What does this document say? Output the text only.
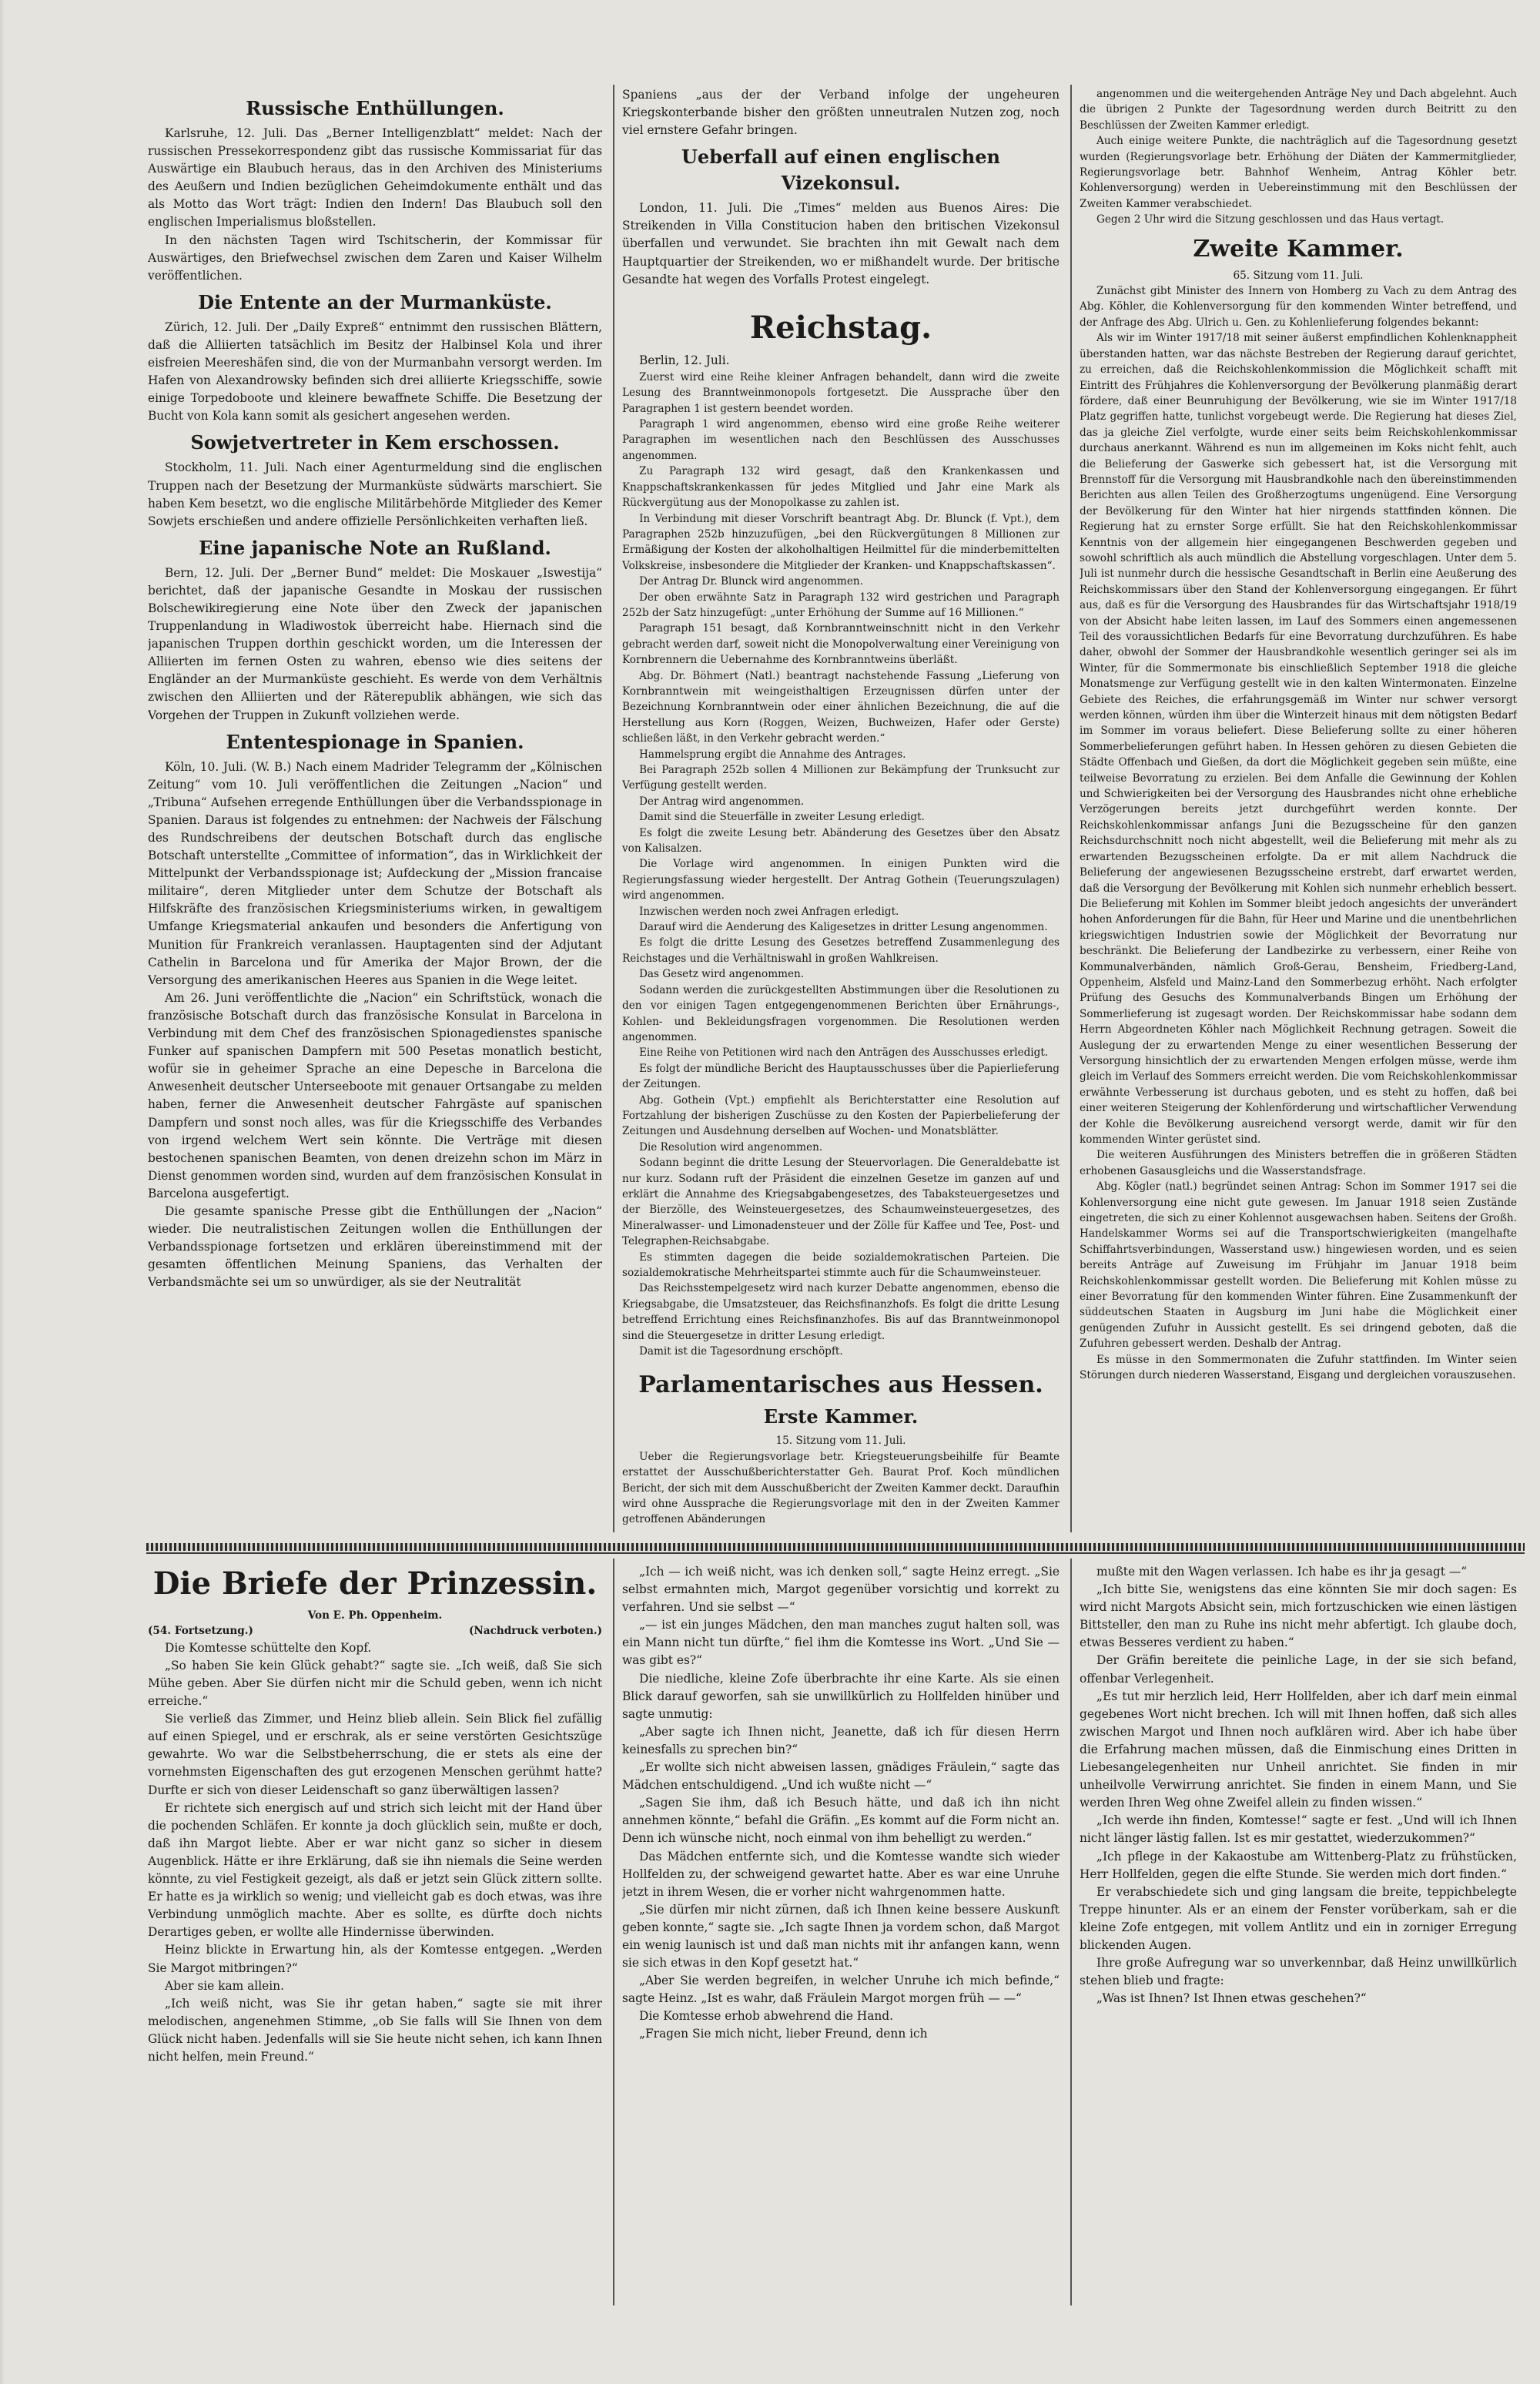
Russische Enthüllungen.

Karlsruhe, 12. Juli. Das „Berner Intelligenzblatt“ meldet: Nach der russischen Pressekorrespondenz gibt das russische Kommissariat für das Auswärtige ein Blaubuch heraus, das in den Archiven des Ministeriums des Aeußern und Indien bezüglichen Geheimdokumente enthält und das als Motto das Wort trägt: Indien den Indern! Das Blaubuch soll den englischen Imperialismus bloßstellen.

In den nächsten Tagen wird Tschitscherin, der Kommissar für Auswärtiges, den Briefwechsel zwischen dem Zaren und Kaiser Wilhelm veröffentlichen.

Die Entente an der Murmanküste.

Zürich, 12. Juli. Der „Daily Expreß“ entnimmt den russischen Blättern, daß die Alliierten tatsächlich im Besitz der Halbinsel Kola und ihrer eisfreien Meereshäfen sind, die von der Murmanbahn versorgt werden. Im Hafen von Alexandrowsky befinden sich drei alliierte Kriegsschiffe, sowie einige Torpedoboote und kleinere bewaffnete Schiffe. Die Besetzung der Bucht von Kola kann somit als gesichert angesehen werden.

Sowjetvertreter in Kem erschossen.

Stockholm, 11. Juli. Nach einer Agenturmeldung sind die englischen Truppen nach der Besetzung der Murmanküste südwärts marschiert. Sie haben Kem besetzt, wo die englische Militärbehörde Mitglieder des Kemer Sowjets erschießen und andere offizielle Persönlichkeiten verhaften ließ.

Eine japanische Note an Rußland.

Bern, 12. Juli. Der „Berner Bund“ meldet: Die Moskauer „Iswestija“ berichtet, daß der japanische Gesandte in Moskau der russischen Bolschewikiregierung eine Note über den Zweck der japanischen Truppenlandung in Wladiwostok überreicht habe. Hiernach sind die japanischen Truppen dorthin geschickt worden, um die Interessen der Alliierten im fernen Osten zu wahren, ebenso wie dies seitens der Engländer an der Murmanküste geschieht. Es werde von dem Verhältnis zwischen den Alliierten und der Räterepublik abhängen, wie sich das Vorgehen der Truppen in Zukunft vollziehen werde.

Ententespionage in Spanien.

Köln, 10. Juli. (W. B.) Nach einem Madrider Telegramm der „Kölnischen Zeitung“ vom 10. Juli veröffentlichen die Zeitungen „Nacion“ und „Tribuna“ Aufsehen erregende Enthüllungen über die Verbandsspionage in Spanien. Daraus ist folgendes zu entnehmen: der Nachweis der Fälschung des Rundschreibens der deutschen Botschaft durch das englische Botschaft unterstellte „Committee of information“, das in Wirklichkeit der Mittelpunkt der Verbandsspionage ist; Aufdeckung der „Mission francaise militaire“, deren Mitglieder unter dem Schutze der Botschaft als Hilfskräfte des französischen Kriegsministeriums wirken, in gewaltigem Umfange Kriegsmaterial ankaufen und besonders die Anfertigung von Munition für Frankreich veranlassen. Hauptagenten sind der Adjutant Cathelin in Barcelona und für Amerika der Major Brown, der die Versorgung des amerikanischen Heeres aus Spanien in die Wege leitet.

Am 26. Juni veröffentlichte die „Nacion“ ein Schriftstück, wonach die französische Botschaft durch das französische Konsulat in Barcelona in Verbindung mit dem Chef des französischen Spionagedienstes spanische Funker auf spanischen Dampfern mit 500 Pesetas monatlich besticht, wofür sie in geheimer Sprache an eine Depesche in Barcelona die Anwesenheit deutscher Unterseeboote mit genauer Ortsangabe zu melden haben, ferner die Anwesenheit deutscher Fahrgäste auf spanischen Dampfern und sonst noch alles, was für die Kriegsschiffe des Verbandes von irgend welchem Wert sein könnte. Die Verträge mit diesen bestochenen spanischen Beamten, von denen dreizehn schon im März in Dienst genommen worden sind, wurden auf dem französischen Konsulat in Barcelona ausgefertigt.

Die gesamte spanische Presse gibt die Enthüllungen der „Nacion“ wieder. Die neutralistischen Zeitungen wollen die Enthüllungen der Verbandsspionage fortsetzen und erklären übereinstimmend mit der gesamten öffentlichen Meinung Spaniens, das Verhalten der Verbandsmächte sei um so unwürdiger, als sie der Neutralität

Spaniens „aus der der Verband infolge der ungeheuren Kriegskonterbande bisher den größten unneutralen Nutzen zog, noch viel ernstere Gefahr bringen.

Ueberfall auf einen englischen Vizekonsul.

London, 11. Juli. Die „Times“ melden aus Buenos Aires: Die Streikenden in Villa Constitucion haben den britischen Vizekonsul überfallen und verwundet. Sie brachten ihn mit Gewalt nach dem Hauptquartier der Streikenden, wo er mißhandelt wurde. Der britische Gesandte hat wegen des Vorfalls Protest eingelegt.

Reichstag.

Berlin, 12. Juli.

Zuerst wird eine Reihe kleiner Anfragen behandelt, dann wird die zweite Lesung des Branntweinmonopols fortgesetzt. Die Aussprache über den Paragraphen 1 ist gestern beendet worden.

Paragraph 1 wird angenommen, ebenso wird eine große Reihe weiterer Paragraphen im wesentlichen nach den Beschlüssen des Ausschusses angenommen.

Zu Paragraph 132 wird gesagt, daß den Krankenkassen und Knappschaftskrankenkassen für jedes Mitglied und Jahr eine Mark als Rückvergütung aus der Monopolkasse zu zahlen ist.

In Verbindung mit dieser Vorschrift beantragt Abg. Dr. Blunck (f. Vpt.), dem Paragraphen 252b hinzuzufügen, „bei den Rückvergütungen 8 Millionen zur Ermäßigung der Kosten der alkoholhaltigen Heilmittel für die minderbemittelten Volkskreise, insbesondere die Mitglieder der Kranken- und Knappschaftskassen“.

Der Antrag Dr. Blunck wird angenommen.

Der oben erwähnte Satz in Paragraph 132 wird gestrichen und Paragraph 252b der Satz hinzugefügt: „unter Erhöhung der Summe auf 16 Millionen.“

Paragraph 151 besagt, daß Kornbranntweinschnitt nicht in den Verkehr gebracht werden darf, soweit nicht die Monopolverwaltung einer Vereinigung von Kornbrennern die Uebernahme des Kornbranntweins überläßt.

Abg. Dr. Böhmert (Natl.) beantragt nachstehende Fassung „Lieferung von Kornbranntwein mit weingeisthaltigen Erzeugnissen dürfen unter der Bezeichnung Kornbranntwein oder einer ähnlichen Bezeichnung, die auf die Herstellung aus Korn (Roggen, Weizen, Buchweizen, Hafer oder Gerste) schließen läßt, in den Verkehr gebracht werden.“

Hammelsprung ergibt die Annahme des Antrages.

Bei Paragraph 252b sollen 4 Millionen zur Bekämpfung der Trunksucht zur Verfügung gestellt werden.

Der Antrag wird angenommen.

Damit sind die Steuerfälle in zweiter Lesung erledigt.

Es folgt die zweite Lesung betr. Abänderung des Gesetzes über den Absatz von Kalisalzen.

Die Vorlage wird angenommen. In einigen Punkten wird die Regierungsfassung wieder hergestellt. Der Antrag Gothein (Teuerungszulagen) wird angenommen.

Inzwischen werden noch zwei Anfragen erledigt.

Darauf wird die Aenderung des Kaligesetzes in dritter Lesung angenommen.

Es folgt die dritte Lesung des Gesetzes betreffend Zusammenlegung des Reichstages und die Verhältniswahl in großen Wahlkreisen.

Das Gesetz wird angenommen.

Sodann werden die zurückgestellten Abstimmungen über die Resolutionen zu den vor einigen Tagen entgegengenommenen Berichten über Ernährungs-, Kohlen- und Bekleidungsfragen vorgenommen. Die Resolutionen werden angenommen.

Eine Reihe von Petitionen wird nach den Anträgen des Ausschusses erledigt.

Es folgt der mündliche Bericht des Hauptausschusses über die Papierlieferung der Zeitungen.

Abg. Gothein (Vpt.) empfiehlt als Berichterstatter eine Resolution auf Fortzahlung der bisherigen Zuschüsse zu den Kosten der Papierbelieferung der Zeitungen und Ausdehnung derselben auf Wochen- und Monatsblätter.

Die Resolution wird angenommen.

Sodann beginnt die dritte Lesung der Steuervorlagen. Die Generaldebatte ist nur kurz. Sodann ruft der Präsident die einzelnen Gesetze im ganzen auf und erklärt die Annahme des Kriegsabgabengesetzes, des Tabaksteuergesetzes und der Bierzölle, des Weinsteuergesetzes, des Schaumweinsteuergesetzes, des Mineralwasser- und Limonadensteuer und der Zölle für Kaffee und Tee, Post- und Telegraphen-Reichsabgabe.

Es stimmten dagegen die beide sozialdemokratischen Parteien. Die sozialdemokratische Mehrheitspartei stimmte auch für die Schaumweinsteuer.

Das Reichsstempelgesetz wird nach kurzer Debatte angenommen, ebenso die Kriegsabgabe, die Umsatzsteuer, das Reichsfinanzhofs. Es folgt die dritte Lesung betreffend Errichtung eines Reichsfinanzhofes. Bis auf das Branntweinmonopol sind die Steuergesetze in dritter Lesung erledigt.

Damit ist die Tagesordnung erschöpft.

Parlamentarisches aus Hessen.
Erste Kammer.

15. Sitzung vom 11. Juli.

Ueber die Regierungsvorlage betr. Kriegsteuerungsbeihilfe für Beamte erstattet der Ausschußberichterstatter Geh. Baurat Prof. Koch mündlichen Bericht, der sich mit dem Ausschußbericht der Zweiten Kammer deckt. Daraufhin wird ohne Aussprache die Regierungsvorlage mit den in der Zweiten Kammer getroffenen Abänderungen

angenommen und die weitergehenden Anträge Ney und Dach abgelehnt. Auch die übrigen 2 Punkte der Tagesordnung werden durch Beitritt zu den Beschlüssen der Zweiten Kammer erledigt.

Auch einige weitere Punkte, die nachträglich auf die Tagesordnung gesetzt wurden (Regierungsvorlage betr. Erhöhung der Diäten der Kammermitglieder, Regierungsvorlage betr. Bahnhof Wenheim, Antrag Köhler betr. Kohlenversorgung) werden in Uebereinstimmung mit den Beschlüssen der Zweiten Kammer verabschiedet.

Gegen 2 Uhr wird die Sitzung geschlossen und das Haus vertagt.

Zweite Kammer.

65. Sitzung vom 11. Juli.

Zunächst gibt Minister des Innern von Homberg zu Vach zu dem Antrag des Abg. Köhler, die Kohlenversorgung für den kommenden Winter betreffend, und der Anfrage des Abg. Ulrich u. Gen. zu Kohlenlieferung folgendes bekannt:

Als wir im Winter 1917/18 mit seiner äußerst empfindlichen Kohlenknappheit überstanden hatten, war das nächste Bestreben der Regierung darauf gerichtet, zu erreichen, daß die Reichskohlenkommission die Möglichkeit schafft mit Eintritt des Frühjahres die Kohlenversorgung der Bevölkerung planmäßig derart fördere, daß einer Beunruhigung der Bevölkerung, wie sie im Winter 1917/18 Platz gegriffen hatte, tunlichst vorgebeugt werde. Die Regierung hat dieses Ziel, das ja gleiche Ziel verfolgte, wurde einer seits beim Reichskohlenkommissar durchaus anerkannt. Während es nun im allgemeinen im Koks nicht fehlt, auch die Belieferung der Gaswerke sich gebessert hat, ist die Versorgung mit Brennstoff für die Versorgung mit Hausbrandkohle nach den übereinstimmenden Berichten aus allen Teilen des Großherzogtums ungenügend. Eine Versorgung der Bevölkerung für den Winter hat hier nirgends stattfinden können. Die Regierung hat zu ernster Sorge erfüllt. Sie hat den Reichskohlenkommissar Kenntnis von der allgemein hier eingegangenen Beschwerden gegeben und sowohl schriftlich als auch mündlich die Abstellung vorgeschlagen. Unter dem 5. Juli ist nunmehr durch die hessische Gesandtschaft in Berlin eine Aeußerung des Reichskommissars über den Stand der Kohlenversorgung eingegangen. Er führt aus, daß es für die Versorgung des Hausbrandes für das Wirtschaftsjahr 1918/19 von der Absicht habe leiten lassen, im Lauf des Sommers einen angemessenen Teil des voraussichtlichen Bedarfs für eine Bevorratung durchzuführen. Es habe daher, obwohl der Sommer der Hausbrandkohle wesentlich geringer sei als im Winter, für die Sommermonate bis einschließlich September 1918 die gleiche Monatsmenge zur Verfügung gestellt wie in den kalten Wintermonaten. Einzelne Gebiete des Reiches, die erfahrungsgemäß im Winter nur schwer versorgt werden können, würden ihm über die Winterzeit hinaus mit dem nötigsten Bedarf im Sommer im voraus beliefert. Diese Belieferung sollte zu einer höheren Sommerbelieferungen geführt haben. In Hessen gehören zu diesen Gebieten die Städte Offenbach und Gießen, da dort die Möglichkeit gegeben sein müßte, eine teilweise Bevorratung zu erzielen. Bei dem Anfalle die Gewinnung der Kohlen und Schwierigkeiten bei der Versorgung des Hausbrandes nicht ohne erhebliche Verzögerungen bereits jetzt durchgeführt werden konnte. Der Reichskohlenkommissar anfangs Juni die Bezugsscheine für den ganzen Reichsdurchschnitt noch nicht abgestellt, weil die Belieferung mit mehr als zu erwartenden Bezugsscheinen erfolgte. Da er mit allem Nachdruck die Belieferung der angewiesenen Bezugsscheine erstrebt, darf erwartet werden, daß die Versorgung der Bevölkerung mit Kohlen sich nunmehr erheblich bessert. Die Belieferung mit Kohlen im Sommer bleibt jedoch angesichts der unverändert hohen Anforderungen für die Bahn, für Heer und Marine und die unentbehrlichen kriegswichtigen Industrien sowie der Möglichkeit der Bevorratung nur beschränkt. Die Belieferung der Landbezirke zu verbessern, einer Reihe von Kommunalverbänden, nämlich Groß-Gerau, Bensheim, Friedberg-Land, Oppenheim, Alsfeld und Mainz-Land den Sommerbezug erhöht. Nach erfolgter Prüfung des Gesuchs des Kommunalverbands Bingen um Erhöhung der Sommerlieferung ist zugesagt worden. Der Reichskommissar habe sodann dem Herrn Abgeordneten Köhler nach Möglichkeit Rechnung getragen. Soweit die Auslegung der zu erwartenden Menge zu einer wesentlichen Besserung der Versorgung hinsichtlich der zu erwartenden Mengen erfolgen müsse, werde ihm gleich im Verlauf des Sommers erreicht werden. Die vom Reichskohlenkommissar erwähnte Verbesserung ist durchaus geboten, und es steht zu hoffen, daß bei einer weiteren Steigerung der Kohlenförderung und wirtschaftlicher Verwendung der Kohle die Bevölkerung ausreichend versorgt werde, damit wir für den kommenden Winter gerüstet sind.

Die weiteren Ausführungen des Ministers betreffen die in größeren Städten erhobenen Gasausgleichs und die Wasserstandsfrage.

Abg. Kögler (natl.) begründet seinen Antrag: Schon im Sommer 1917 sei die Kohlenversorgung eine nicht gute gewesen. Im Januar 1918 seien Zustände eingetreten, die sich zu einer Kohlennot ausgewachsen haben. Seitens der Großh. Handelskammer Worms sei auf die Transportschwierigkeiten (mangelhafte Schiffahrtsverbindungen, Wasserstand usw.) hingewiesen worden, und es seien bereits Anträge auf Zuweisung im Frühjahr im Januar 1918 beim Reichskohlenkommissar gestellt worden. Die Belieferung mit Kohlen müsse zu einer Bevorratung für den kommenden Winter führen. Eine Zusammenkunft der süddeutschen Staaten in Augsburg im Juni habe die Möglichkeit einer genügenden Zufuhr in Aussicht gestellt. Es sei dringend geboten, daß die Zufuhren gebessert werden. Deshalb der Antrag.

Es müsse in den Sommermonaten die Zufuhr stattfinden. Im Winter seien Störungen durch niederen Wasserstand, Eisgang und dergleichen vorauszusehen.

Die Briefe der Prinzessin.
Von E. Ph. Oppenheim.
(54. Fortsetzung.)	(Nachdruck verboten.)

Die Komtesse schüttelte den Kopf.

„So haben Sie kein Glück gehabt?“ sagte sie. „Ich weiß, daß Sie sich Mühe geben. Aber Sie dürfen nicht mir die Schuld geben, wenn ich nicht erreiche.“

Sie verließ das Zimmer, und Heinz blieb allein. Sein Blick fiel zufällig auf einen Spiegel, und er erschrak, als er seine verstörten Gesichtszüge gewahrte. Wo war die Selbstbeherrschung, die er stets als eine der vornehmsten Eigenschaften des gut erzogenen Menschen gerühmt hatte? Durfte er sich von dieser Leidenschaft so ganz überwältigen lassen?

Er richtete sich energisch auf und strich sich leicht mit der Hand über die pochenden Schläfen. Er konnte ja doch glücklich sein, mußte er doch, daß ihn Margot liebte. Aber er war nicht ganz so sicher in diesem Augenblick. Hätte er ihre Erklärung, daß sie ihn niemals die Seine werden könnte, zu viel Festigkeit gezeigt, als daß er jetzt sein Glück zittern sollte. Er hatte es ja wirklich so wenig; und vielleicht gab es doch etwas, was ihre Verbindung unmöglich machte. Aber es sollte, es dürfte doch nichts Derartiges geben, er wollte alle Hindernisse überwinden.

Heinz blickte in Erwartung hin, als der Komtesse entgegen. „Werden Sie Margot mitbringen?“

Aber sie kam allein.

„Ich weiß nicht, was Sie ihr getan haben,“ sagte sie mit ihrer melodischen, angenehmen Stimme, „ob Sie falls will Sie Ihnen von dem Glück nicht haben. Jedenfalls will sie Sie heute nicht sehen, ich kann Ihnen nicht helfen, mein Freund.“

„Ich — ich weiß nicht, was ich denken soll,“ sagte Heinz erregt. „Sie selbst ermahnten mich, Margot gegenüber vorsichtig und korrekt zu verfahren. Und sie selbst —“

„— ist ein junges Mädchen, den man manches zugut halten soll, was ein Mann nicht tun dürfte,“ fiel ihm die Komtesse ins Wort. „Und Sie — was gibt es?“

Die niedliche, kleine Zofe überbrachte ihr eine Karte. Als sie einen Blick darauf geworfen, sah sie unwillkürlich zu Hollfelden hinüber und sagte unmutig:

„Aber sagte ich Ihnen nicht, Jeanette, daß ich für diesen Herrn keinesfalls zu sprechen bin?“

„Er wollte sich nicht abweisen lassen, gnädiges Fräulein,“ sagte das Mädchen entschuldigend. „Und ich wußte nicht —“

„Sagen Sie ihm, daß ich Besuch hätte, und daß ich ihn nicht annehmen könnte,“ befahl die Gräfin. „Es kommt auf die Form nicht an. Denn ich wünsche nicht, noch einmal von ihm behelligt zu werden.“

Das Mädchen entfernte sich, und die Komtesse wandte sich wieder Hollfelden zu, der schweigend gewartet hatte. Aber es war eine Unruhe jetzt in ihrem Wesen, die er vorher nicht wahrgenommen hatte.

„Sie dürfen mir nicht zürnen, daß ich Ihnen keine bessere Auskunft geben konnte,“ sagte sie. „Ich sagte Ihnen ja vordem schon, daß Margot ein wenig launisch ist und daß man nichts mit ihr anfangen kann, wenn sie sich etwas in den Kopf gesetzt hat.“

„Aber Sie werden begreifen, in welcher Unruhe ich mich befinde,“ sagte Heinz. „Ist es wahr, daß Fräulein Margot morgen früh — —“

Die Komtesse erhob abwehrend die Hand.

„Fragen Sie mich nicht, lieber Freund, denn ich

mußte mit den Wagen verlassen. Ich habe es ihr ja gesagt —“

„Ich bitte Sie, wenigstens das eine könnten Sie mir doch sagen: Es wird nicht Margots Absicht sein, mich fortzuschicken wie einen lästigen Bittsteller, den man zu Ruhe ins nicht mehr abfertigt. Ich glaube doch, etwas Besseres verdient zu haben.“

Der Gräfin bereitete die peinliche Lage, in der sie sich befand, offenbar Verlegenheit.

„Es tut mir herzlich leid, Herr Hollfelden, aber ich darf mein einmal gegebenes Wort nicht brechen. Ich will mit Ihnen hoffen, daß sich alles zwischen Margot und Ihnen noch aufklären wird. Aber ich habe über die Erfahrung machen müssen, daß die Einmischung eines Dritten in Liebesangelegenheiten nur Unheil anrichtet. Sie finden in mir unheilvolle Verwirrung anrichtet. Sie finden in einem Mann, und Sie werden Ihren Weg ohne Zweifel allein zu finden wissen.“

„Ich werde ihn finden, Komtesse!“ sagte er fest. „Und will ich Ihnen nicht länger lästig fallen. Ist es mir gestattet, wiederzukommen?“

„Ich pflege in der Kakaostube am Wittenberg-Platz zu frühstücken, Herr Hollfelden, gegen die elfte Stunde. Sie werden mich dort finden.“

Er verabschiedete sich und ging langsam die breite, teppichbelegte Treppe hinunter. Als er an einem der Fenster vorüberkam, sah er die kleine Zofe entgegen, mit vollem Antlitz und ein in zorniger Erregung blickenden Augen.

Ihre große Aufregung war so unverkennbar, daß Heinz unwillkürlich stehen blieb und fragte:

„Was ist Ihnen? Ist Ihnen etwas geschehen?“
